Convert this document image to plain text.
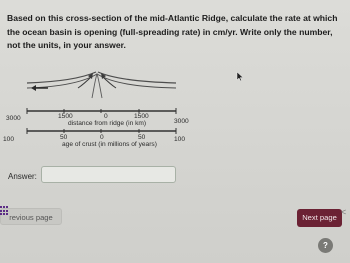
Based on this cross-section of the mid-Atlantic Ridge, calculate the rate at which the ocean basin is opening (full-spreading rate) in cm/yr. Write only the number, not the units, in your answer.
3000	1500	0	1500
3000
distance from ridge (in km)
100	50	0	50	100
age of crust (in millions of years)
Answer:
revious page	Next page
<
?
